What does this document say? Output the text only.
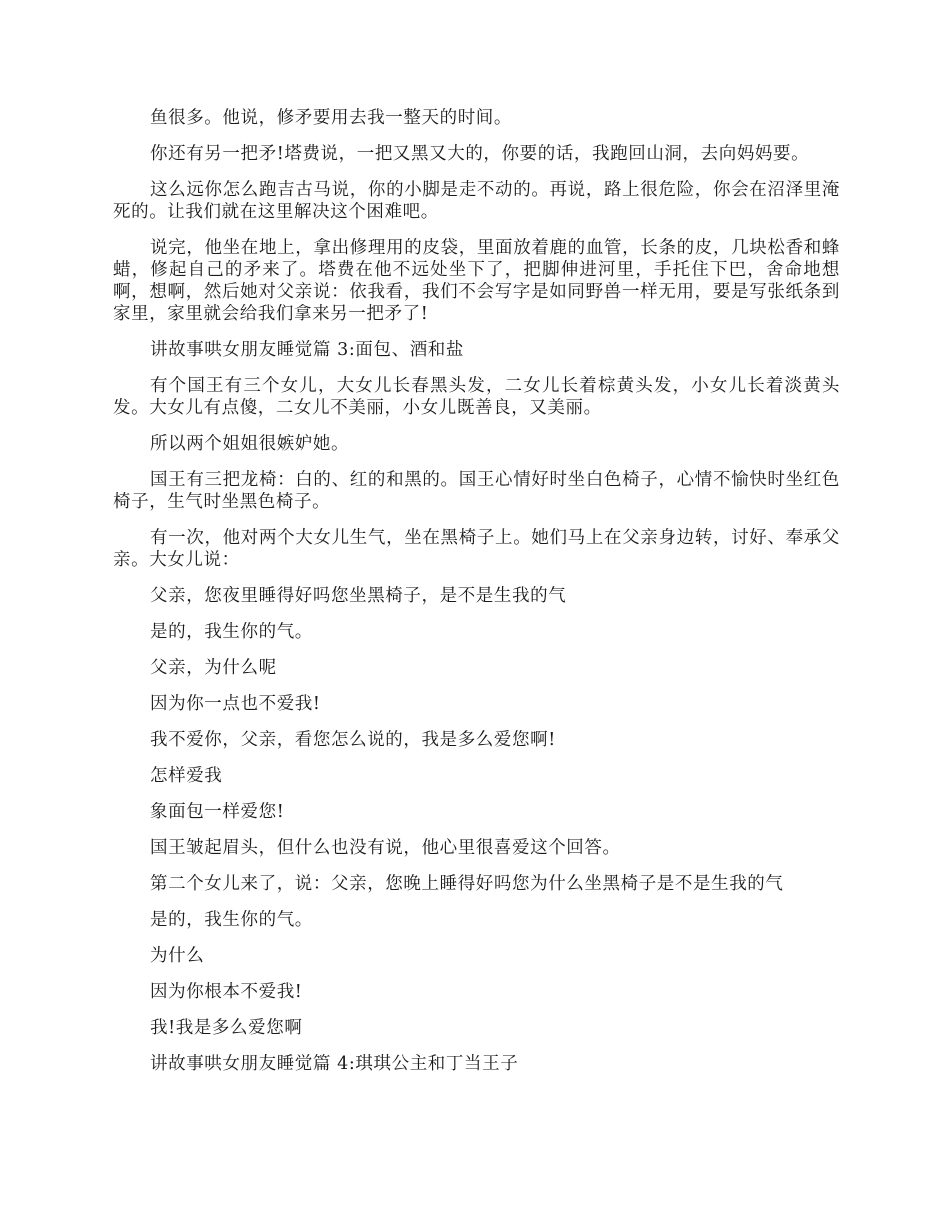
鱼很多。他说，修矛要用去我一整天的时间。

你还有另一把矛!塔费说，一把又黑又大的，你要的话，我跑回山洞，去向妈妈要。

这么远你怎么跑吉古马说，你的小脚是走不动的。再说，路上很危险，你会在沼泽里淹死的。让我们就在这里解决这个困难吧。

说完，他坐在地上，拿出修理用的皮袋，里面放着鹿的血管，长条的皮，几块松香和蜂蜡，修起自己的矛来了。塔费在他不远处坐下了，把脚伸进河里，手托住下巴，舍命地想啊，想啊，然后她对父亲说：依我看，我们不会写字是如同野兽一样无用，要是写张纸条到家里，家里就会给我们拿来另一把矛了!

讲故事哄女朋友睡觉篇 3:面包、酒和盐

有个国王有三个女儿，大女儿长春黑头发，二女儿长着棕黄头发，小女儿长着淡黄头发。大女儿有点傻，二女儿不美丽，小女儿既善良，又美丽。

所以两个姐姐很嫉妒她。

国王有三把龙椅：白的、红的和黑的。国王心情好时坐白色椅子，心情不愉快时坐红色椅子，生气时坐黑色椅子。

有一次，他对两个大女儿生气，坐在黑椅子上。她们马上在父亲身边转，讨好、奉承父亲。大女儿说：

父亲，您夜里睡得好吗您坐黑椅子，是不是生我的气

是的，我生你的气。

父亲，为什么呢

因为你一点也不爱我!

我不爱你，父亲，看您怎么说的，我是多么爱您啊!

怎样爱我

象面包一样爱您!

国王皱起眉头，但什么也没有说，他心里很喜爱这个回答。

第二个女儿来了，说：父亲，您晚上睡得好吗您为什么坐黑椅子是不是生我的气

是的，我生你的气。

为什么

因为你根本不爱我!

我!我是多么爱您啊

讲故事哄女朋友睡觉篇 4:琪琪公主和丁当王子
